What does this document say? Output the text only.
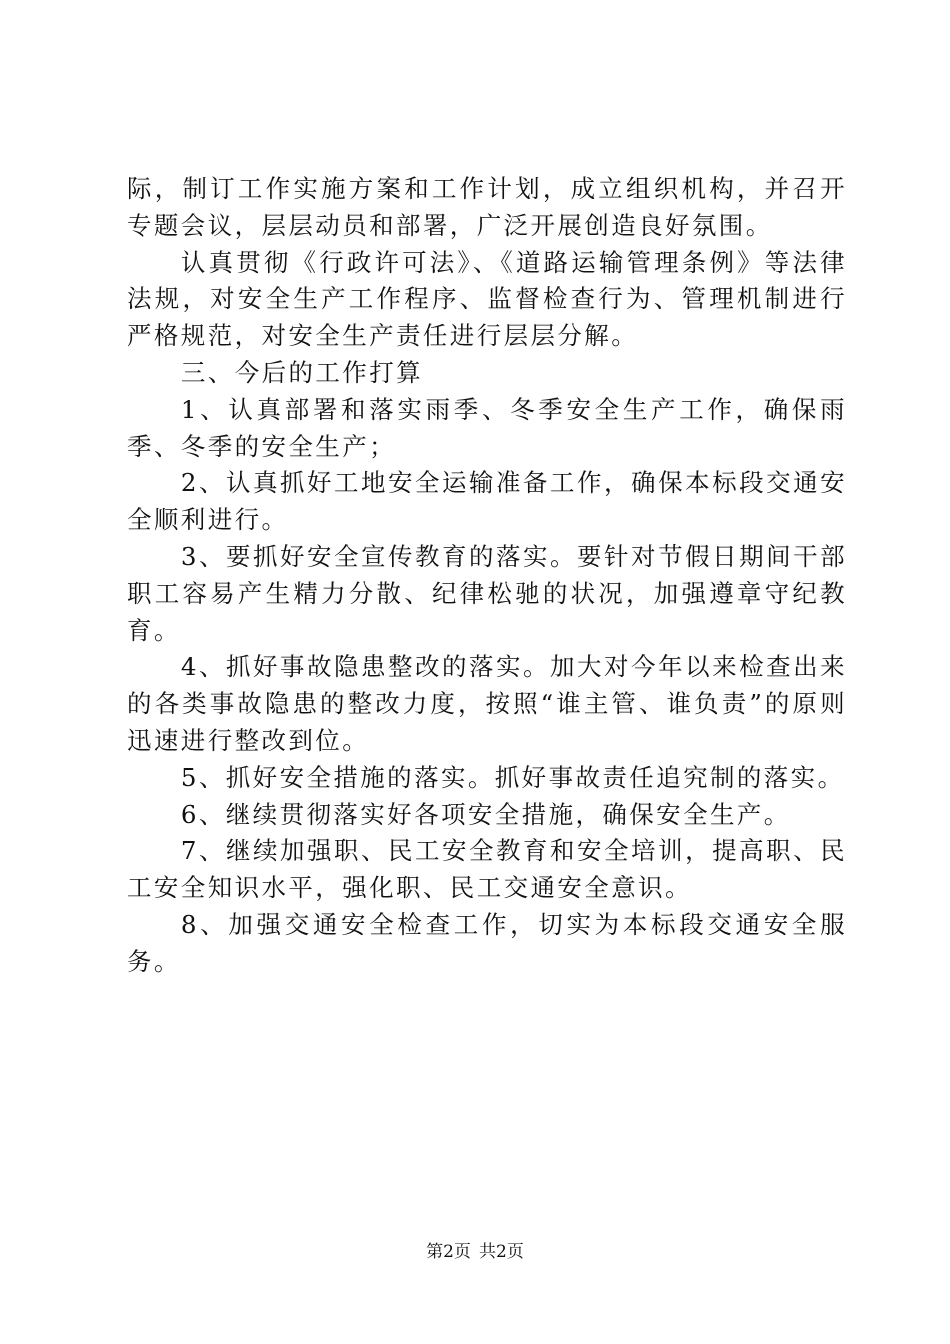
际，制订工作实施方案和工作计划，成立组织机构，并召开专题会议，层层动员和部署，广泛开展创造良好氛围。

认真贯彻《行政许可法》、《道路运输管理条例》等法律法规，对安全生产工作程序、监督检查行为、管理机制进行严格规范，对安全生产责任进行层层分解。

三、今后的工作打算

1、认真部署和落实雨季、冬季安全生产工作，确保雨季、冬季的安全生产；

2、认真抓好工地安全运输准备工作，确保本标段交通安全顺利进行。

3、要抓好安全宣传教育的落实。要针对节假日期间干部职工容易产生精力分散、纪律松驰的状况，加强遵章守纪教育。

4、抓好事故隐患整改的落实。加大对今年以来检查出来的各类事故隐患的整改力度，按照“谁主管、谁负责”的原则迅速进行整改到位。

5、抓好安全措施的落实。抓好事故责任追究制的落实。

6、继续贯彻落实好各项安全措施，确保安全生产。

7、继续加强职、民工安全教育和安全培训，提高职、民工安全知识水平，强化职、民工交通安全意识。

8、加强交通安全检查工作，切实为本标段交通安全服务。

第2页 共2页
